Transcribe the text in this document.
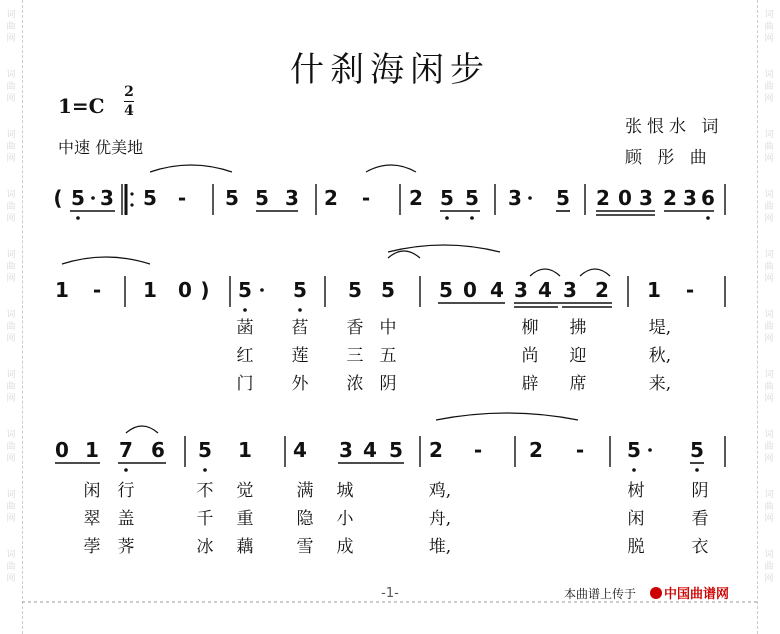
词
曲
网
词
曲
网
词
曲
网
词
曲
网
词
曲
网
词
曲
网
词
曲
网
词
曲
网
词
曲
网
词
曲
网
词
曲
网
词
曲
网
词
曲
网
词
曲
网
词
曲
网
词
曲
网
词
曲
网
词
曲
网
词
曲
网
词
曲
网
什刹海闲步
1=C
2
4
中速 优美地
张恨水 词
顾 彤 曲
( 5 3 5 - 5 5 3 2 - 2 5 5 3 5 2 0 3 2 3 6
1 - 1 0 ) 5 5 5 5 5 0 4 3 4 3 2 1 -
菡 萏 香 中	柳 拂	堤,
红 莲 三 五	尚 迎	秋,
门 外 浓 阴	辟 席	来,
0 1 7 6 5 1 4 3 4 5 2 - 2 - 5 5
闲 行	不 觉	满 城	鸡,	树	阴
翠 盖	千 重	隐 小	舟,	闲	看
荸 荠	冰 藕	雪 成	堆,	脱	衣
-1-	本曲谱上传于	中国曲谱网
